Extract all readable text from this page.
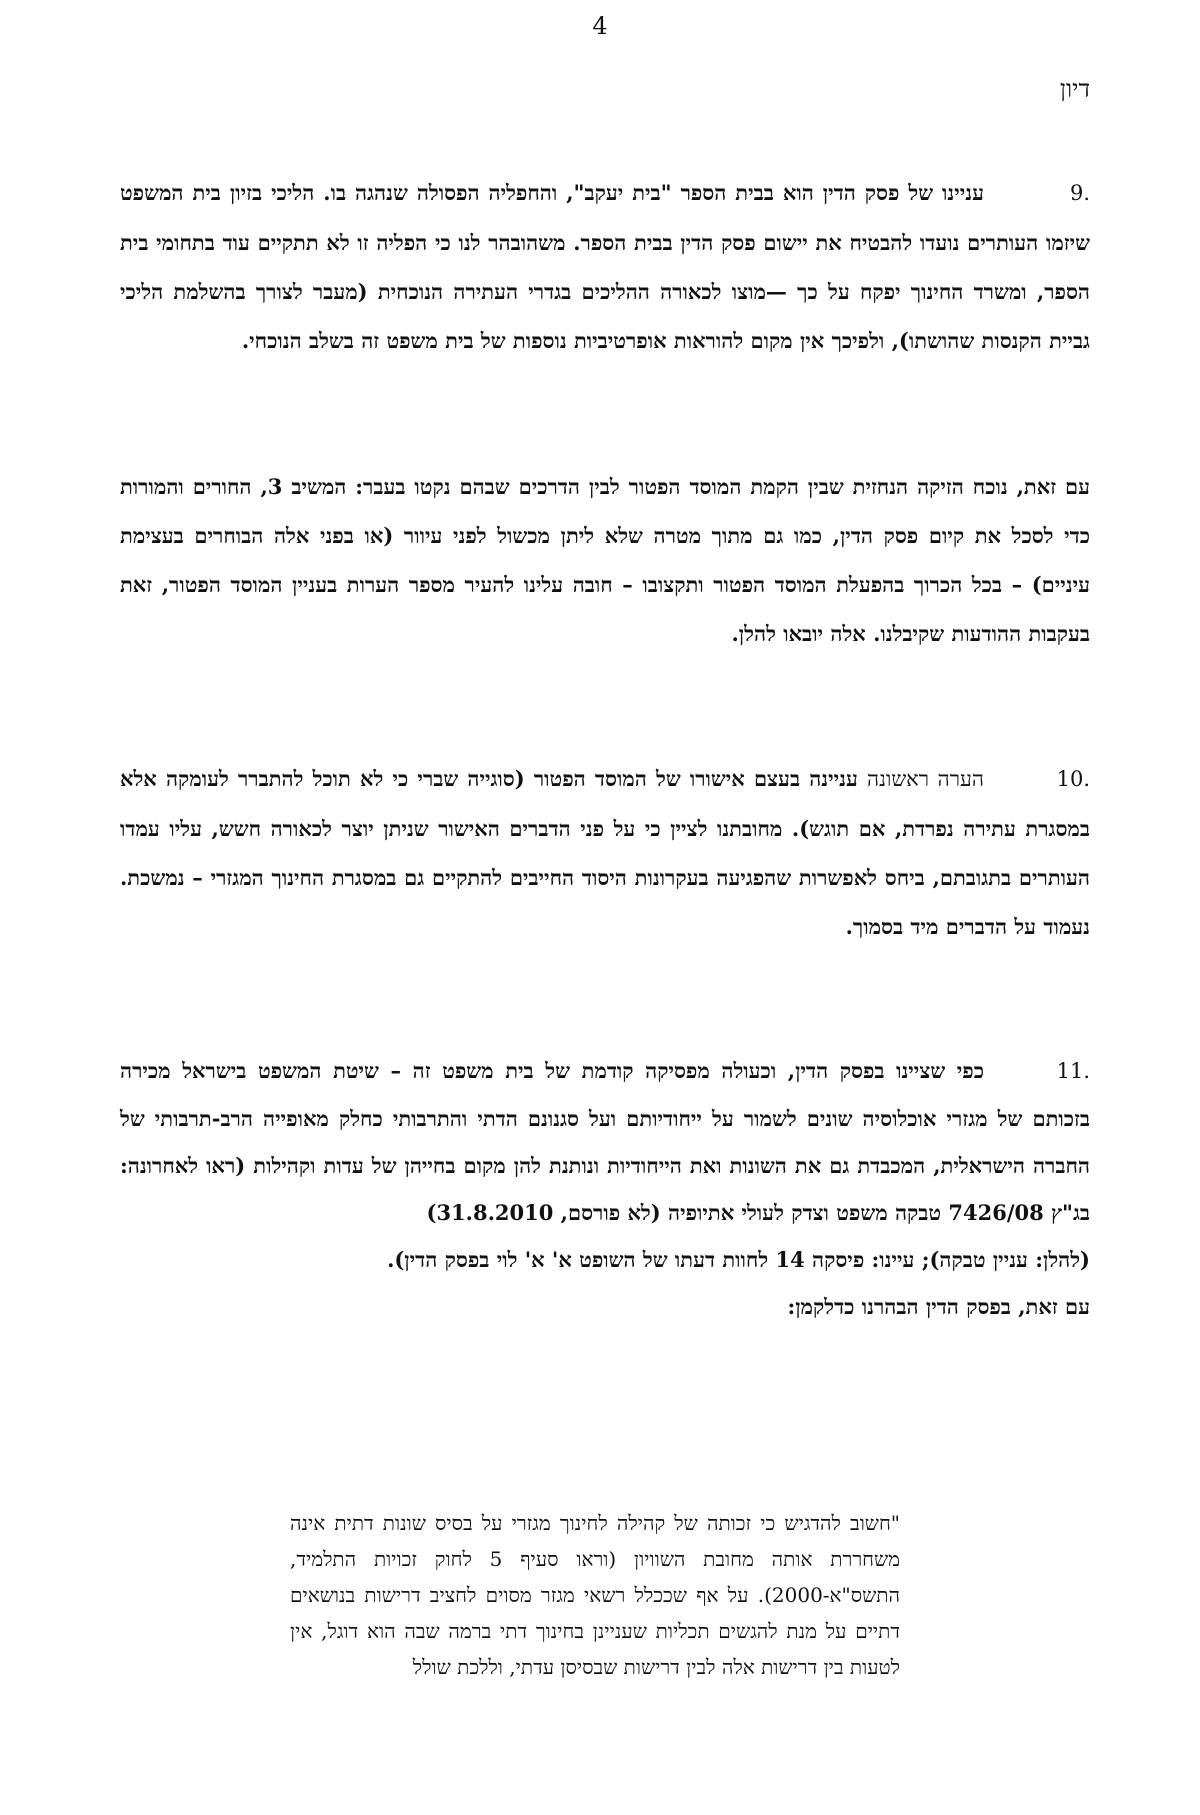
4
דיון
.9עניינו של פסק הדין הוא בבית הספר "בית יעקב", והחפליה הפסולה שנהגה בו. הליכי בזיון בית המשפט שיזמו העותרים נועדו להבטיח את יישום פסק הדין בבית הספר. משהובהר לנו כי הפליה זו לא תתקיים עוד בתחומי בית הספר, ומשרד החינוך יפקח על כך —מוצו לכאורה ההליכים בגדרי העתירה הנוכחית (מעבר לצורך בהשלמת הליכי גביית הקנסות שהושתו), ולפיכך אין מקום להוראות אופרטיביות נוספות של בית משפט זה בשלב הנוכחי.
עם זאת, נוכח הזיקה הנחזית שבין הקמת המוסד הפטור לבין הדרכים שבהם נקטו בעבר: המשיב 3, החורים והמורות כדי לסכל את קיום פסק הדין, כמו גם מתוך מטרה שלא ליתן מכשול לפני עיוור (או בפני אלה הבוחרים בעצימת עיניים) – בכל הכרוך בהפעלת המוסד הפטור ותקצובו – חובה עלינו להעיר מספר הערות בעניין המוסד הפטור, זאת בעקבות ההודעות שקיבלנו. אלה יובאו להלן.
.10הערה ראשונה עניינה בעצם אישורו של המוסד הפטור (סוגייה שברי כי לא תוכל להתברר לעומקה אלא במסגרת עתירה נפרדת, אם תוגש). מחובתנו לציין כי על פני הדברים האישור שניתן יוצר לכאורה חשש, עליו עמדו העותרים בתגובתם, ביחס לאפשרות שהפגיעה בעקרונות היסוד החייבים להתקיים גם במסגרת החינוך המגזרי – נמשכת. נעמוד על הדברים מיד בסמוך.
.11כפי שציינו בפסק הדין, וכעולה מפסיקה קודמת של בית משפט זה – שיטת המשפט בישראל מכירה בזכותם של מגזרי אוכלוסיה שונים לשמור על ייחודיותם ועל סגנונם הדתי והתרבותי כחלק מאופייה הרב-תרבותי של החברה הישראלית, המכבדת גם את השונות ואת הייחודיות ונותנת להן מקום בחייהן של עדות וקהילות (ראו לאחרונה: בג"ץ 7426/08 טבקה משפט וצדק לעולי אתיופיה (לא פורסם, 31.8.2010)
(להלן: עניין טבקה); עיינו: פיסקה 14 לחוות דעתו של השופט א' א' לוי בפסק הדין).
עם זאת, בפסק הדין הבהרנו כדלקמן:
"חשוב להדגיש כי זכותה של קהילה לחינוך מגזרי על בסיס שונות דתית אינה משחררת אותה מחובת השוויון (וראו סעיף 5 לחוק זכויות התלמיד, התשס"א-2000). על אף שככלל רשאי מגזר מסוים לחציב דרישות בנושאים דתיים על מנת להגשים תכליות שעניינן בחינוך דתי ברמה שבה הוא דוגל, אין לטעות בין דרישות אלה לבין דרישות שבסיסן עדתי, וללכת שולל
